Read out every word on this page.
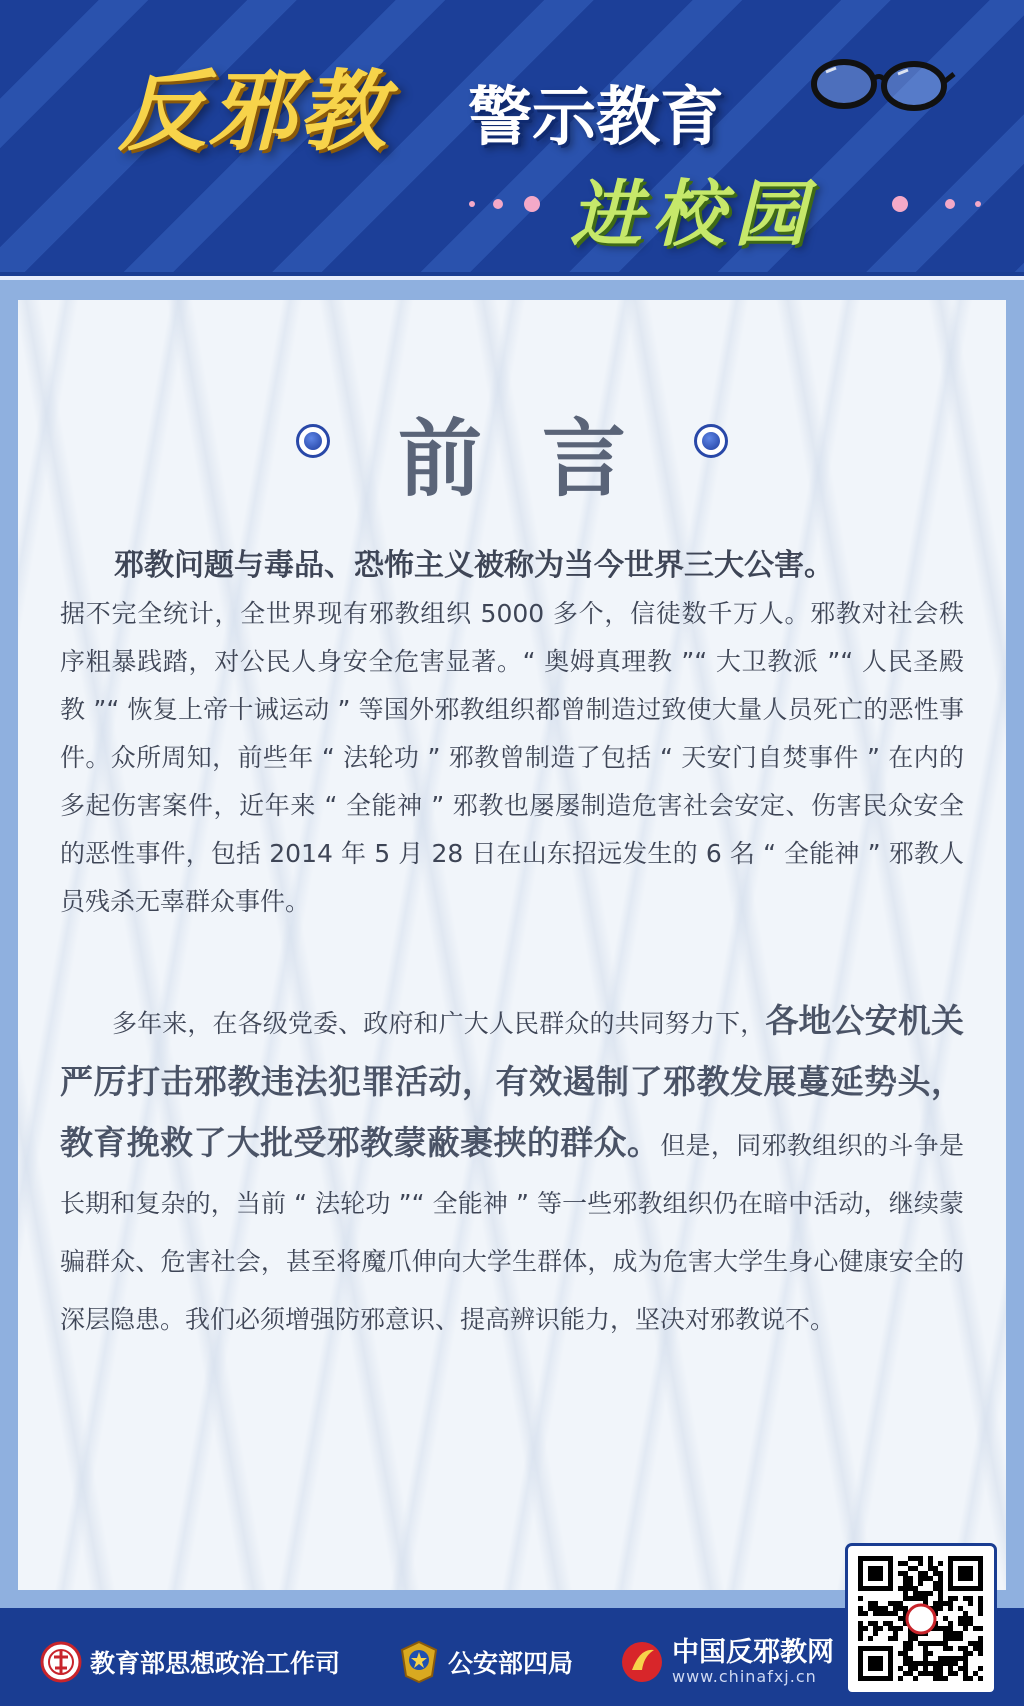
反邪教 警示教育
进校园
前言

邪教问题与毒品、恐怖主义被称为当今世界三大公害。

据不完全统计，全世界现有邪教组织 5000 多个，信徒数千万人。邪教对社会秩序粗暴践踏，对公民人身安全危害显著。“ 奥姆真理教 ”“ 大卫教派 ”“ 人民圣殿教 ”“ 恢复上帝十诫运动 ” 等国外邪教组织都曾制造过致使大量人员死亡的恶性事件。众所周知，前些年 “ 法轮功 ” 邪教曾制造了包括 “ 天安门自焚事件 ” 在内的多起伤害案件，近年来 “ 全能神 ” 邪教也屡屡制造危害社会安定、伤害民众安全的恶性事件，包括 2014 年 5 月 28 日在山东招远发生的 6 名 “ 全能神 ” 邪教人员残杀无辜群众事件。

多年来，在各级党委、政府和广大人民群众的共同努力下，各地公安机关严厉打击邪教违法犯罪活动，有效遏制了邪教发展蔓延势头，教育挽救了大批受邪教蒙蔽裹挟的群众。但是，同邪教组织的斗争是长期和复杂的，当前 “ 法轮功 ”“ 全能神 ” 等一些邪教组织仍在暗中活动，继续蒙骗群众、危害社会，甚至将魔爪伸向大学生群体，成为危害大学生身心健康安全的深层隐患。我们必须增强防邪意识、提高辨识能力，坚决对邪教说不。

教育部思想政治工作司	公安部四局	中国反邪教网
www.chinafxj.cn
